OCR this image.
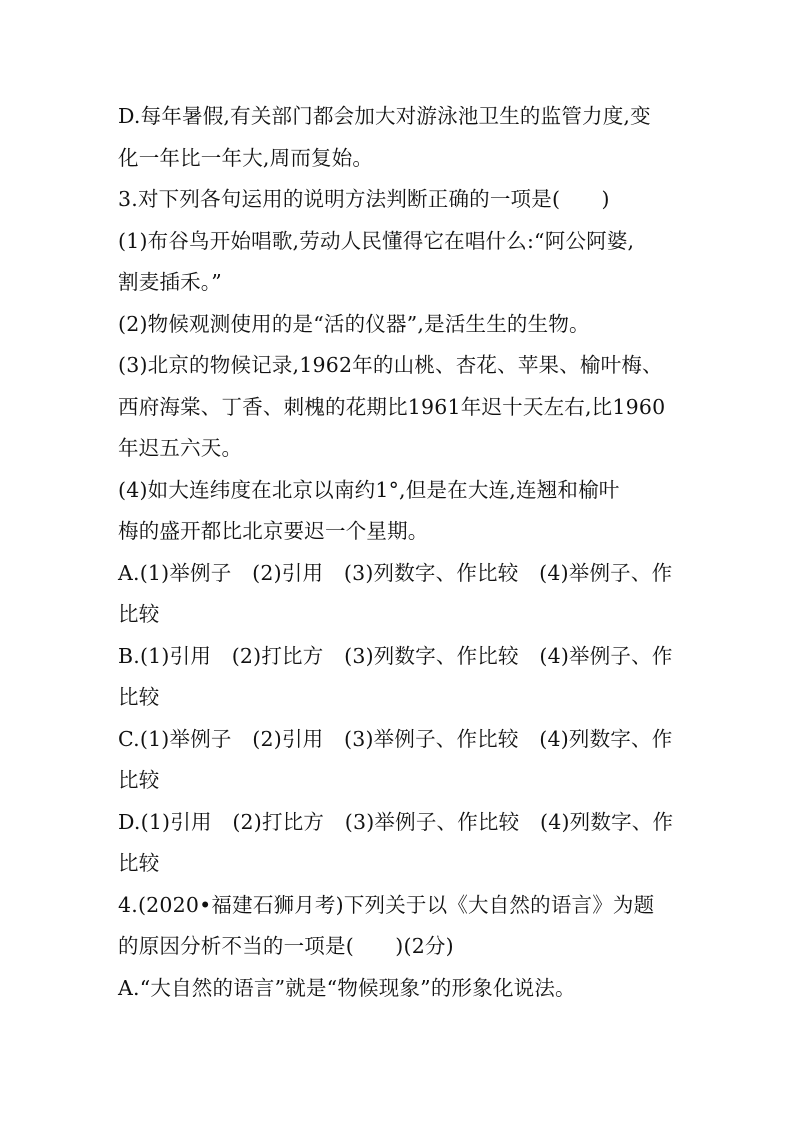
D.每年暑假,有关部门都会加大对游泳池卫生的监管力度,变
化一年比一年大,周而复始。
3.对下列各句运用的说明方法判断正确的一项是(　　)
(1)布谷鸟开始唱歌,劳动人民懂得它在唱什么:“阿公阿婆,
割麦插禾。”
(2)物候观测使用的是“活的仪器”,是活生生的生物。
(3)北京的物候记录,1962年的山桃、杏花、苹果、榆叶梅、
西府海棠、丁香、刺槐的花期比1961年迟十天左右,比1960
年迟五六天。
(4)如大连纬度在北京以南约1°,但是在大连,连翘和榆叶
梅的盛开都比北京要迟一个星期。
A.(1)举例子　(2)引用　(3)列数字、作比较　(4)举例子、作
比较
B.(1)引用　(2)打比方　(3)列数字、作比较　(4)举例子、作
比较
C.(1)举例子　(2)引用　(3)举例子、作比较　(4)列数字、作
比较
D.(1)引用　(2)打比方　(3)举例子、作比较　(4)列数字、作
比较
4.(2020•福建石狮月考)下列关于以《大自然的语言》为题
的原因分析不当的一项是(　　)(2分)
A.“大自然的语言”就是“物候现象”的形象化说法。
